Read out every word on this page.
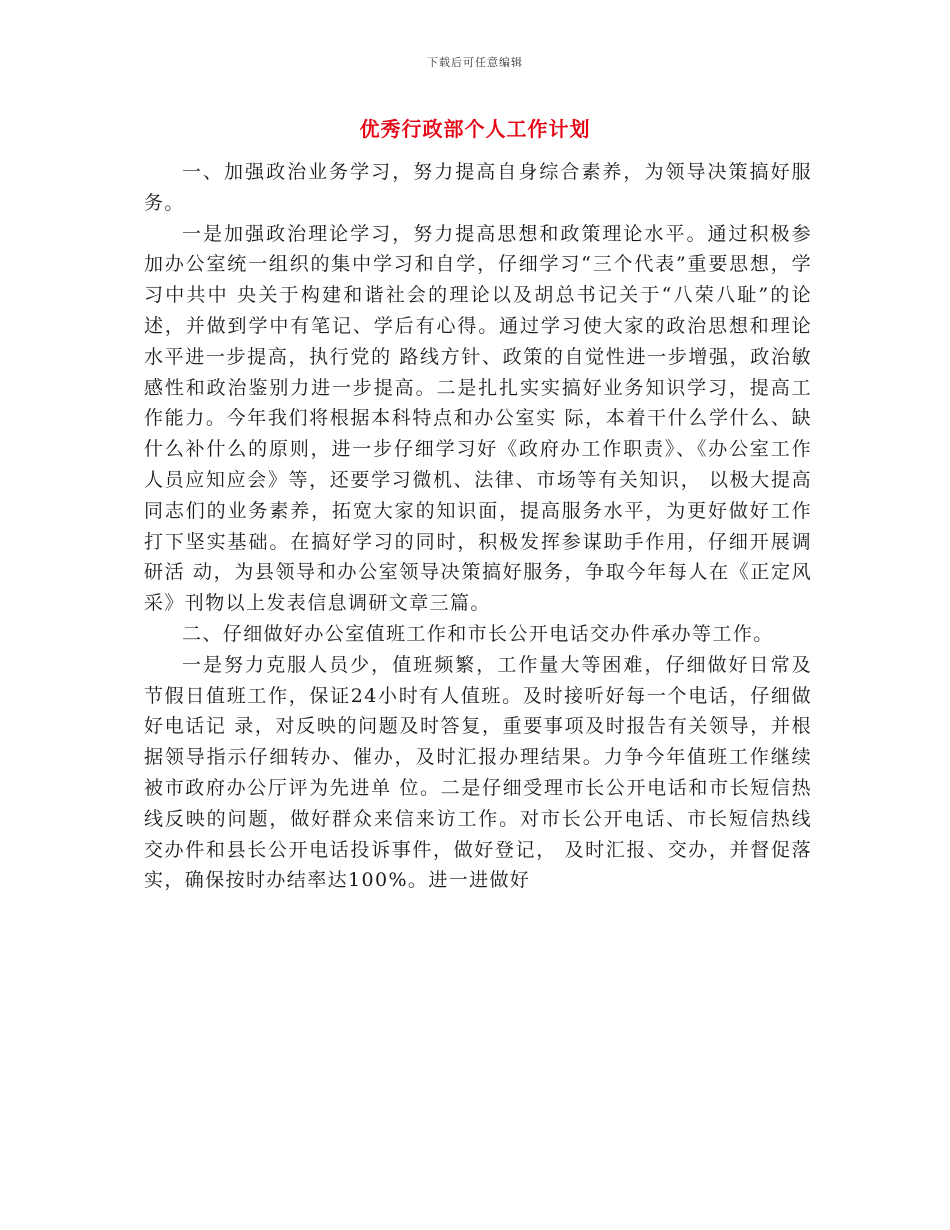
下载后可任意编辑
优秀行政部个人工作计划

一、加强政治业务学习，努力提高自身综合素养，为领导决策搞好服务。

一是加强政治理论学习，努力提高思想和政策理论水平。通过积极参加办公室统一组织的集中学习和自学，仔细学习“三个代表”重要思想，学习中共中 央关于构建和谐社会的理论以及胡总书记关于“八荣八耻”的论述，并做到学中有笔记、学后有心得。通过学习使大家的政治思想和理论水平进一步提高，执行党的 路线方针、政策的自觉性进一步增强，政治敏感性和政治鉴别力进一步提高。二是扎扎实实搞好业务知识学习，提高工作能力。今年我们将根据本科特点和办公室实 际，本着干什么学什么、缺什么补什么的原则，进一步仔细学习好《政府办工作职责》、《办公室工作人员应知应会》等，还要学习微机、法律、市场等有关知识， 以极大提高同志们的业务素养，拓宽大家的知识面，提高服务水平，为更好做好工作打下坚实基础。在搞好学习的同时，积极发挥参谋助手作用，仔细开展调研活 动，为县领导和办公室领导决策搞好服务，争取今年每人在《正定风采》刊物以上发表信息调研文章三篇。

二、仔细做好办公室值班工作和市长公开电话交办件承办等工作。

一是努力克服人员少，值班频繁，工作量大等困难，仔细做好日常及节假日值班工作，保证24小时有人值班。及时接听好每一个电话，仔细做好电话记 录，对反映的问题及时答复，重要事项及时报告有关领导，并根据领导指示仔细转办、催办，及时汇报办理结果。力争今年值班工作继续被市政府办公厅评为先进单 位。二是仔细受理市长公开电话和市长短信热线反映的问题，做好群众来信来访工作。对市长公开电话、市长短信热线交办件和县长公开电话投诉事件，做好登记， 及时汇报、交办，并督促落实，确保按时办结率达100%。进一进做好
